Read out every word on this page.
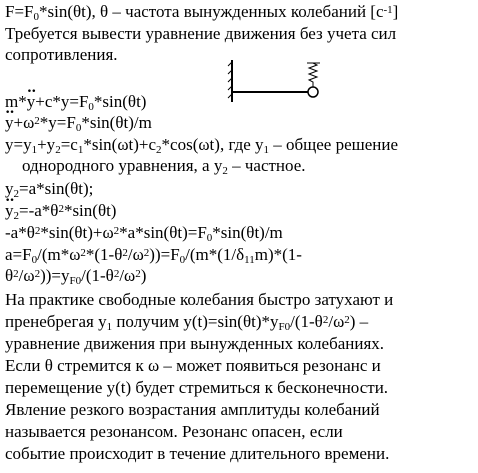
$F=F_0*\sin(\theta t)$, θ – частота вынужденных колебаний $[c^{-1}]$
Требуется вывести уравнение движения без учета сил
сопротивления.
$m*\cdot\cdot y+c*y=F_0*\sin(\theta t)$
·· $y+\omega^2*y=F_0*\sin(\theta t)/m$
$y=y_1+y_2=c_1*\sin(\omega t)+c_2*\cos(\omega t)$, где $y_1$ – общее решение
однородного уравнения, а $y_2$ – частное.
$y_2=a*\sin(\theta t)$;
·· $y_2=-a*\theta^2*\sin(\theta t)$
$-a*\theta^2*\sin(\theta t)+\omega^2*a*\sin(\theta t)=F_0*\sin(\theta t)/m$
$a=F_0/(m*\omega^2*(1-\theta^2/\omega^2))=F_0/(m*(1/\delta_{11}m)*(1-$
$\theta^2/\omega^2))=y_{F0}/(1-\theta^2/\omega^2)$
На практике свободные колебания быстро затухают и
пренебрегая $y_1$ получим $y(t)=\sin(\theta t)*y_{F0}/(1-\theta^2/\omega^2)$ –
уравнение движения при вынужденных колебаниях.
Если θ стремится к ω – может появиться резонанс и
перемещение y(t) будет стремиться к бесконечности.
Явление резкого возрастания амплитуды колебаний
называется резонансом. Резонанс опасен, если
событие происходит в течение длительного времени.
